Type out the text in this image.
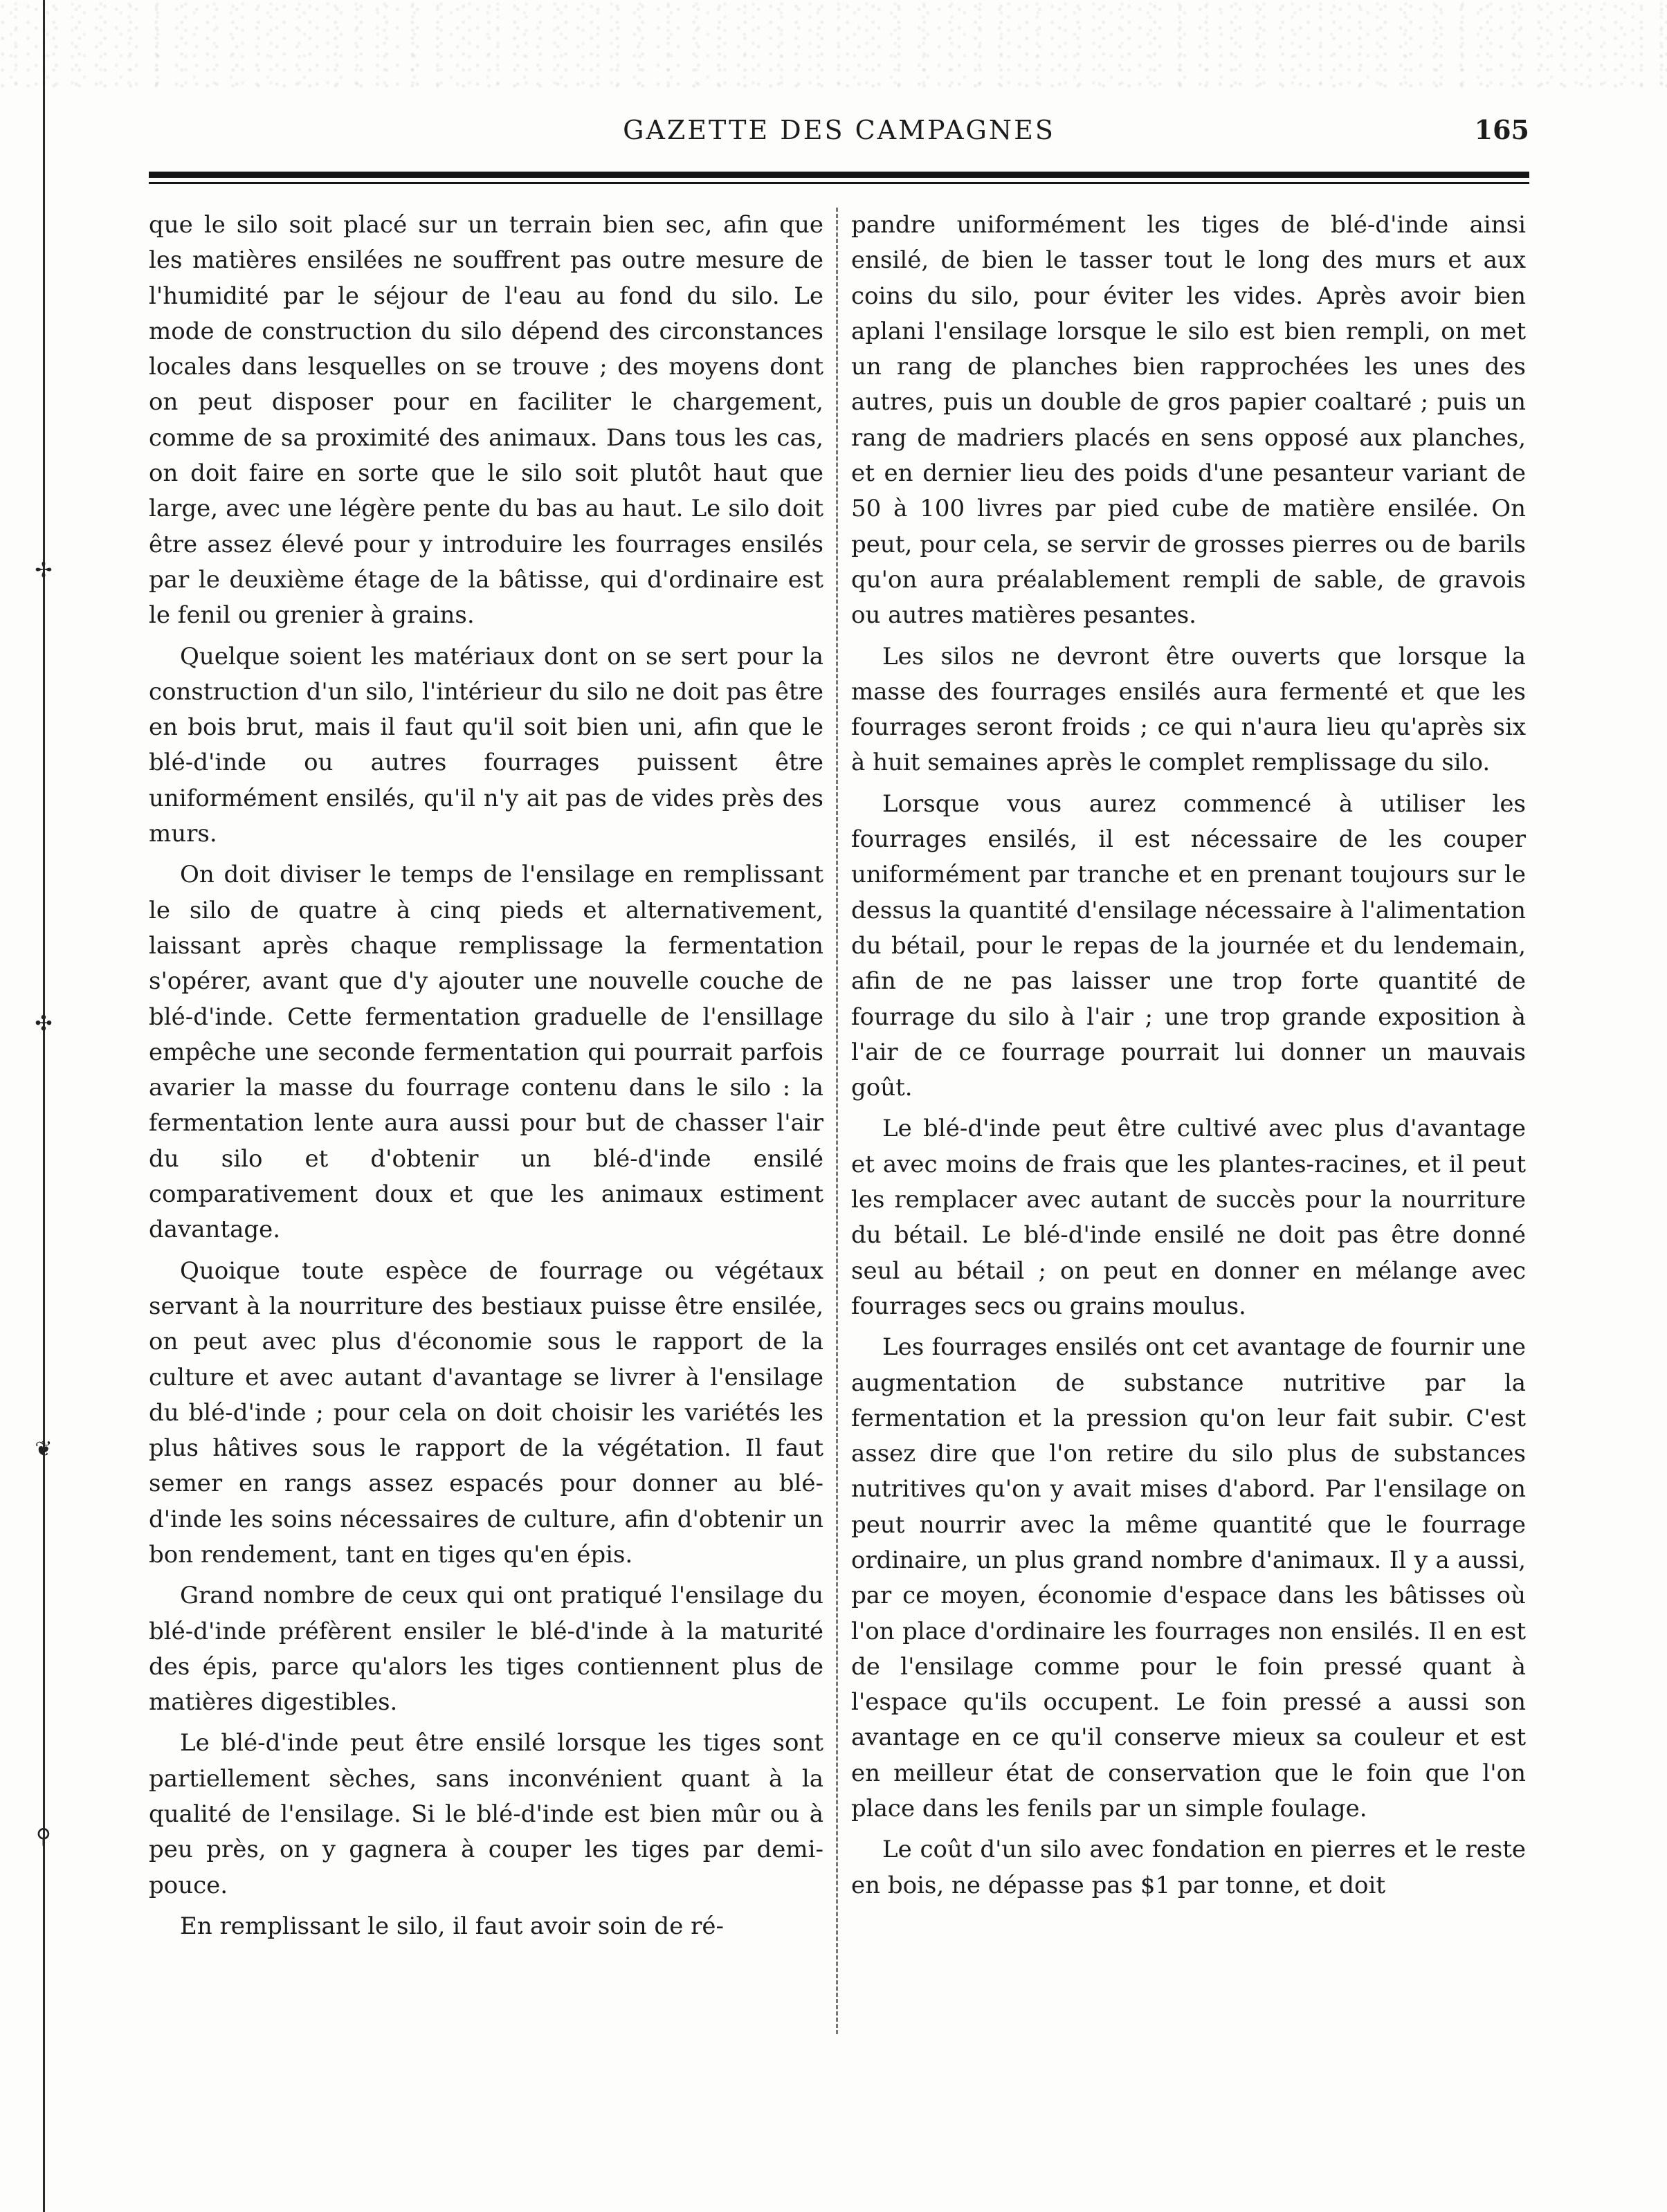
✢
✣
❦
⚲
GAZETTE DES CAMPAGNES	165

que le silo soit placé sur un terrain bien sec, afin que les matières ensilées ne souffrent pas outre mesure de l'humidité par le séjour de l'eau au fond du silo. Le mode de construction du silo dépend des circonstances locales dans lesquelles on se trouve ; des moyens dont on peut disposer pour en faciliter le chargement, comme de sa proximité des animaux. Dans tous les cas, on doit faire en sorte que le silo soit plutôt haut que large, avec une légère pente du bas au haut. Le silo doit être assez élevé pour y introduire les fourrages ensilés par le deuxième étage de la bâtisse, qui d'ordinaire est le fenil ou grenier à grains.

Quelque soient les matériaux dont on se sert pour la construction d'un silo, l'intérieur du silo ne doit pas être en bois brut, mais il faut qu'il soit bien uni, afin que le blé-d'inde ou autres fourrages puissent être uniformément ensilés, qu'il n'y ait pas de vides près des murs.

On doit diviser le temps de l'ensilage en remplissant le silo de quatre à cinq pieds et alternativement, laissant après chaque remplissage la fermentation s'opérer, avant que d'y ajouter une nouvelle couche de blé-d'inde. Cette fermentation graduelle de l'ensillage empêche une seconde fermentation qui pourrait parfois avarier la masse du fourrage contenu dans le silo : la fermentation lente aura aussi pour but de chasser l'air du silo et d'obtenir un blé-d'inde ensilé comparativement doux et que les animaux estiment davantage.

Quoique toute espèce de fourrage ou végétaux servant à la nourriture des bestiaux puisse être ensilée, on peut avec plus d'économie sous le rapport de la culture et avec autant d'avantage se livrer à l'ensilage du blé-d'inde ; pour cela on doit choisir les variétés les plus hâtives sous le rapport de la végétation. Il faut semer en rangs assez espacés pour donner au blé-d'inde les soins nécessaires de culture, afin d'obtenir un bon rendement, tant en tiges qu'en épis.

Grand nombre de ceux qui ont pratiqué l'ensilage du blé-d'inde préfèrent ensiler le blé-d'inde à la maturité des épis, parce qu'alors les tiges contiennent plus de matières digestibles.

Le blé-d'inde peut être ensilé lorsque les tiges sont partiellement sèches, sans inconvénient quant à la qualité de l'ensilage. Si le blé-d'inde est bien mûr ou à peu près, on y gagnera à couper les tiges par demi-pouce.

En remplissant le silo, il faut avoir soin de ré-

pandre uniformément les tiges de blé-d'inde ainsi ensilé, de bien le tasser tout le long des murs et aux coins du silo, pour éviter les vides. Après avoir bien aplani l'ensilage lorsque le silo est bien rempli, on met un rang de planches bien rapprochées les unes des autres, puis un double de gros papier coaltaré ; puis un rang de madriers placés en sens opposé aux planches, et en dernier lieu des poids d'une pesanteur variant de 50 à 100 livres par pied cube de matière ensilée. On peut, pour cela, se servir de grosses pierres ou de barils qu'on aura préalablement rempli de sable, de gravois ou autres matières pesantes.

Les silos ne devront être ouverts que lorsque la masse des fourrages ensilés aura fermenté et que les fourrages seront froids ; ce qui n'aura lieu qu'après six à huit semaines après le complet remplissage du silo.

Lorsque vous aurez commencé à utiliser les fourrages ensilés, il est nécessaire de les couper uniformément par tranche et en prenant toujours sur le dessus la quantité d'ensilage nécessaire à l'alimentation du bétail, pour le repas de la journée et du lendemain, afin de ne pas laisser une trop forte quantité de fourrage du silo à l'air ; une trop grande exposition à l'air de ce fourrage pourrait lui donner un mauvais goût.

Le blé-d'inde peut être cultivé avec plus d'avantage et avec moins de frais que les plantes-racines, et il peut les remplacer avec autant de succès pour la nourriture du bétail. Le blé-d'inde ensilé ne doit pas être donné seul au bétail ; on peut en donner en mélange avec fourrages secs ou grains moulus.

Les fourrages ensilés ont cet avantage de fournir une augmentation de substance nutritive par la fermentation et la pression qu'on leur fait subir. C'est assez dire que l'on retire du silo plus de substances nutritives qu'on y avait mises d'abord. Par l'ensilage on peut nourrir avec la même quantité que le fourrage ordinaire, un plus grand nombre d'animaux. Il y a aussi, par ce moyen, économie d'espace dans les bâtisses où l'on place d'ordinaire les fourrages non ensilés. Il en est de l'ensilage comme pour le foin pressé quant à l'espace qu'ils occupent. Le foin pressé a aussi son avantage en ce qu'il conserve mieux sa couleur et est en meilleur état de conservation que le foin que l'on place dans les fenils par un simple foulage.

Le coût d'un silo avec fondation en pierres et le reste en bois, ne dépasse pas $1 par tonne, et doit
